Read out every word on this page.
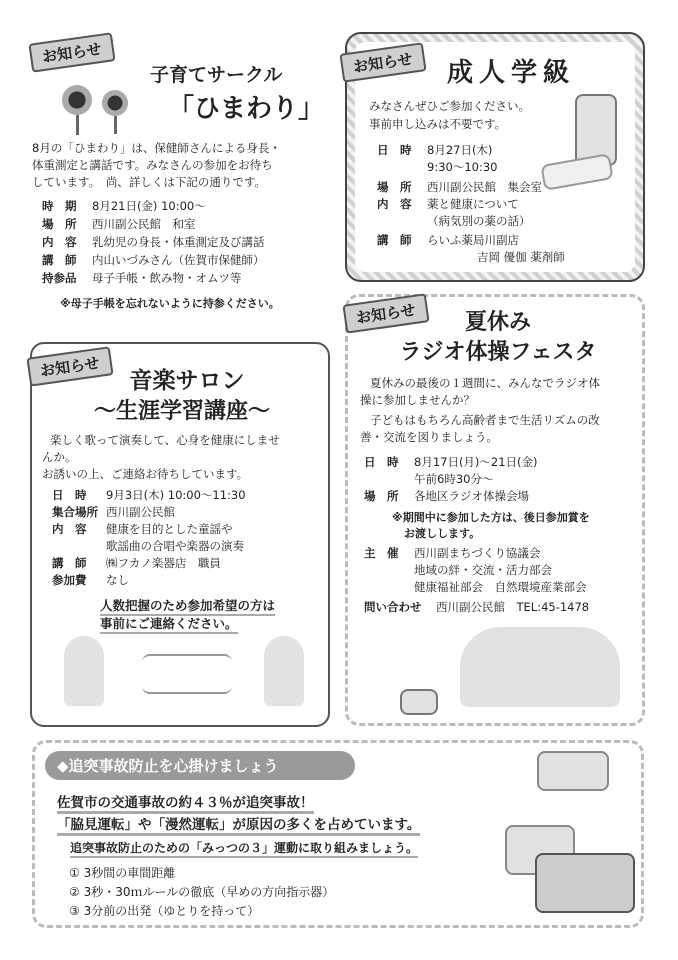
お知らせ
子育てサークル
「ひまわり」
8月の「ひまわり」は、保健師さんによる身長・
体重測定と講話です。みなさんの参加をお待ち
しています。　尚、詳しくは下記の通りです。
時　期 8月21日(金) 10:00～
場　所 西川副公民館　和室
内　容 乳幼児の身長・体重測定及び講話
講　師 内山いづみさん（佐賀市保健師）
持参品 母子手帳・飲み物・オムツ等
※母子手帳を忘れないように持参ください。
お知らせ	成人学級
みなさんぜひご参加ください。
事前申し込みは不要です。
日　時 8月27日(木)
9:30～10:30
場　所 西川副公民館　集会室
内　容 薬と健康について
（病気別の薬の話）
講　師 らいふ薬局川副店
吉岡 優伽 薬剤師
お知らせ
音楽サロン
～生涯学習講座～
楽しく歌って演奏して、心身を健康にしませ
んか。
お誘いの上、ご連絡お待ちしています。
日　時 9月3日(木) 10:00～11:30
集合場所 西川副公民館
内　容 健康を目的とした童謡や
歌謡曲の合唱や楽器の演奏
講　師 ㈱フカノ楽器店　職員
参加費 なし
人数把握のため参加希望の方は
事前にご連絡ください。
お知らせ	夏休み
ラジオ体操フェスタ
夏休みの最後の１週間に、みんなでラジオ体
操に参加しませんか？
子どもはもちろん高齢者まで生活リズムの改
善・交流を図りましょう。
日　時 8月17日(月)～21日(金)
午前6時30分～
場　所 各地区ラジオ体操会場
※期間中に参加した方は、後日参加賞を
お渡しします。
主　催 西川副まちづくり協議会
地域の絆・交流・活力部会
健康福祉部会　自然環境産業部会
問い合わせ 西川副公民館　TEL:45-1478
◆追突事故防止を心掛けましょう
佐賀市の交通事故の約４３％が追突事故！
「脇見運転」や「漫然運転」が原因の多くを占めています。
追突事故防止のための「みっつの３」運動に取り組みましょう。
① 3秒間の車間距離
② 3秒・30ｍルールの徹底（早めの方向指示器）
③ 3分前の出発（ゆとりを持って）
